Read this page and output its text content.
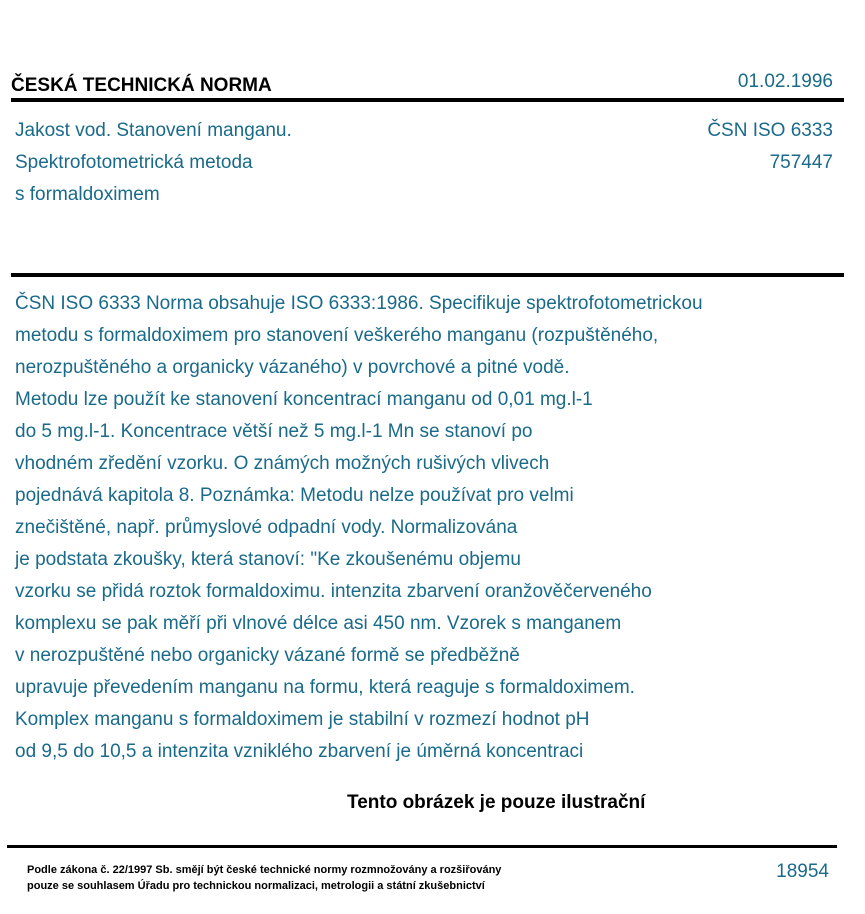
ČESKÁ TECHNICKÁ NORMA	01.02.1996
Jakost vod. Stanovení manganu.
Spektrofotometrická metoda
s formaldoximem
ČSN ISO 6333
757447
ČSN ISO 6333 Norma obsahuje ISO 6333:1986. Specifikuje spektrofotometrickou
metodu s formaldoximem pro stanovení veškerého manganu (rozpuštěného,
nerozpuštěného a organicky vázaného) v povrchové a pitné vodě.
Metodu lze použít ke stanovení koncentrací manganu od 0,01 mg.l-1
do 5 mg.l-1. Koncentrace větší než 5 mg.l-1 Mn se stanoví po
vhodném zředění vzorku. O známých možných rušivých vlivech
pojednává kapitola 8. Poznámka: Metodu nelze používat pro velmi
znečištěné, např. průmyslové odpadní vody. Normalizována
je podstata zkoušky, která stanoví: "Ke zkoušenému objemu
vzorku se přidá roztok formaldoximu. intenzita zbarvení oranžověčerveného
komplexu se pak měří při vlnové délce asi 450 nm. Vzorek s manganem
v nerozpuštěné nebo organicky vázané formě se předběžně
upravuje převedením manganu na formu, která reaguje s formaldoximem.
Komplex manganu s formaldoximem je stabilní v rozmezí hodnot pH
od 9,5 do 10,5 a intenzita vzniklého zbarvení je úměrná koncentraci
Tento obrázek je pouze ilustrační
Podle zákona č. 22/1997 Sb. smějí být české technické normy rozmnožovány a rozšiřovány
pouze se souhlasem Úřadu pro technickou normalizaci, metrologii a státní zkušebnictví
18954
